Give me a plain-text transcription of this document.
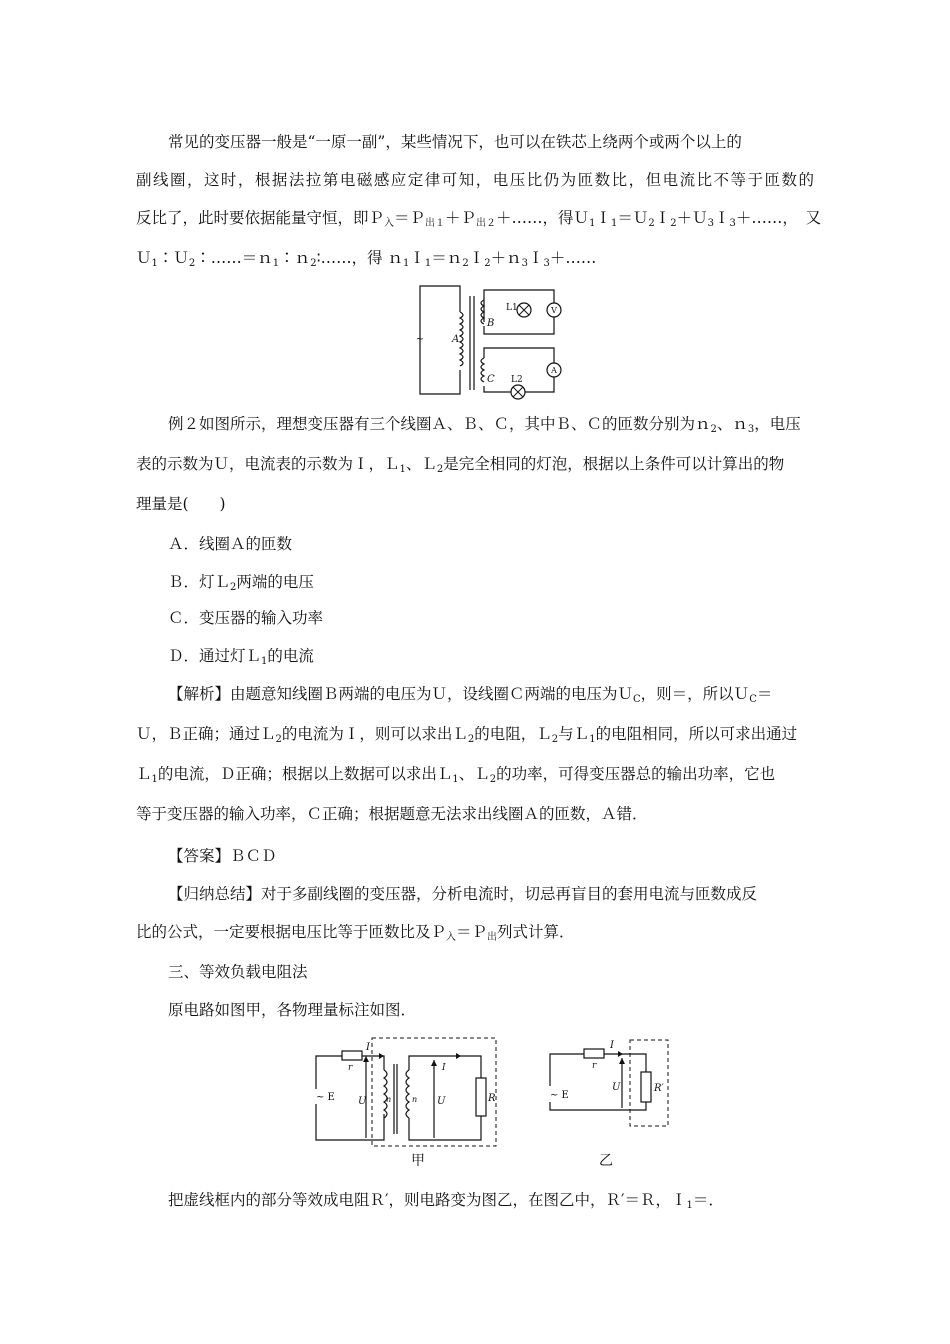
常见的变压器一般是“一原一副”，某些情况下，也可以在铁芯上绕两个或两个以上的
副线圈，这时，根据法拉第电磁感应定律可知，电压比仍为匝数比，但电流比不等于匝数的
反比了，此时要依据能量守恒，即Ｐ$_入$＝Ｐ$_{出1}$＋Ｐ$_{出2}$＋……，得Ｕ$_1$Ｉ$_1$＝Ｕ$_2$Ｉ$_2$＋Ｕ$_3$Ｉ$_3$＋……，　又
Ｕ$_1$∶Ｕ$_2$∶……＝ｎ$_1$∶ｎ$_2$∶……，得 ｎ$_1$Ｉ$_1$＝ｎ$_2$Ｉ$_2$＋ｎ$_3$Ｉ$_3$＋……
~	A
B
C
L1
L2
V
A
例２如图所示，理想变压器有三个线圈Ａ、Ｂ、Ｃ，其中Ｂ、Ｃ的匝数分别为ｎ$_2$、ｎ$_3$，电压
表的示数为Ｕ，电流表的示数为Ｉ，Ｌ$_1$、Ｌ$_2$是完全相同的灯泡，根据以上条件可以计算出的物
理量是(　　)
Ａ．线圈Ａ的匝数
Ｂ．灯Ｌ$_2$两端的电压
Ｃ．变压器的输入功率
Ｄ．通过灯Ｌ$_1$的电流
【解析】由题意知线圈Ｂ两端的电压为Ｕ，设线圈Ｃ两端的电压为Ｕ$_C$，则＝，所以Ｕ$_C$＝
Ｕ，Ｂ正确；通过Ｌ$_2$的电流为Ｉ，则可以求出Ｌ$_2$的电阻，Ｌ$_2$与Ｌ$_1$的电阻相同，所以可求出通过
Ｌ$_1$的电流，Ｄ正确；根据以上数据可以求出Ｌ$_1$、Ｌ$_2$的功率，可得变压器总的输出功率，它也
等于变压器的输入功率，Ｃ正确；根据题意无法求出线圈Ａ的匝数，Ａ错．
【答案】ＢＣＤ
【归纳总结】对于多副线圈的变压器，分析电流时，切忌再盲目的套用电流与匝数成反
比的公式，一定要根据电压比等于匝数比及Ｐ$_入$＝Ｐ$_出$列式计算．
三、等效负载电阻法
原电路如图甲，各物理量标注如图．
~ E
r
I
U n	n U
I
R
甲
~ E
r
I
U	R′
乙
把虚线框内的部分等效成电阻Ｒ′，则电路变为图乙，在图乙中，Ｒ′＝Ｒ，Ｉ$_1$＝．
